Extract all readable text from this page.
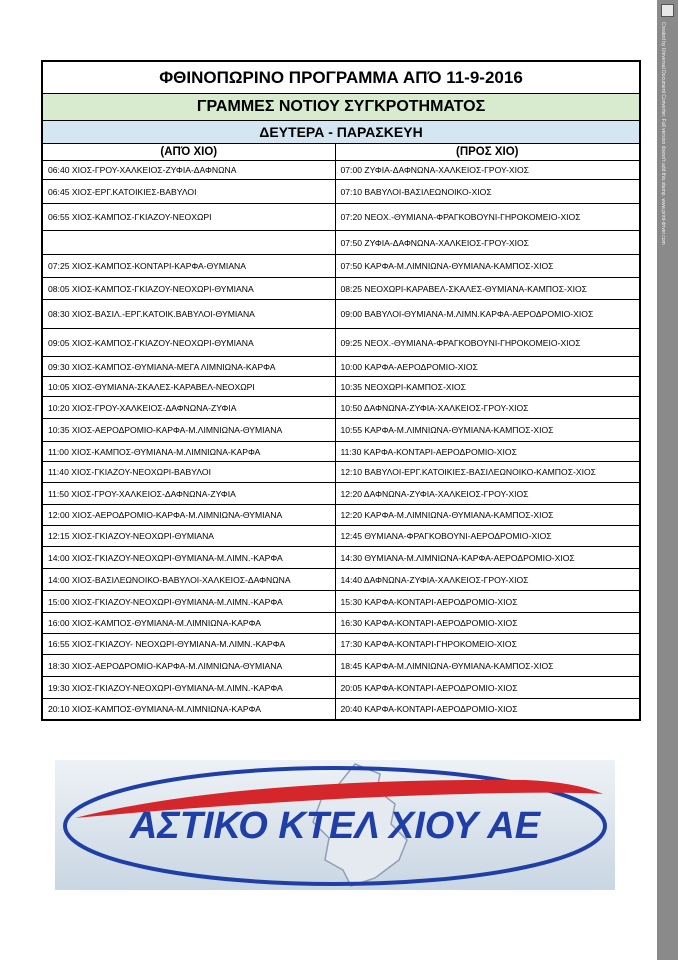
ΦΘΙΝΟΠΩΡΙΝΟ ΠΡΟΓΡΑΜΜΑ ΑΠΌ 11-9-2016	
ΓΡΑΜΜΕΣ ΝΟΤΙΟΥ ΣΥΓΚΡΟΤΗΜΑΤΟΣ	
ΔΕΥΤΕΡΑ - ΠΑΡΑΣΚΕΥΗ	
(ΑΠΌ ΧΙΟ)	(ΠΡΟΣ ΧΙΟ)
06:40 ΧΙΟΣ-ΓΡΟΥ-ΧΑΛΚΕΙΟΣ-ΖΥΦΙΑ-ΔΑΦΝΩΝΑ	07:00 ΖΥΦΙΑ-ΔΑΦΝΩΝΑ-ΧΑΛΚΕΙΟΣ-ΓΡΟΥ-ΧΙΟΣ
06:45 ΧΙΟΣ-ΕΡΓ.ΚΑΤΟΙΚΙΕΣ-ΒΑΒΥΛΟΙ	07:10 ΒΑΒΥΛΟΙ-ΒΑΣΙΛΕΩΝΟΙΚΟ-ΧΙΟΣ
06:55 ΧΙΟΣ-ΚΑΜΠΟΣ-ΓΚΙΑΖΟΥ-ΝΕΟΧΩΡΙ	07:20 ΝΕΟΧ.-ΘΥΜΙΑΝΑ-ΦΡΑΓΚΟΒΟΥΝΙ-ΓΗΡΟΚΟΜΕΙΟ-ΧΙΟΣ
	07:50 ΖΥΦΙΑ-ΔΑΦΝΩΝΑ-ΧΑΛΚΕΙΟΣ-ΓΡΟΥ-ΧΙΟΣ
07:25 ΧΙΟΣ-ΚΑΜΠΟΣ-ΚΟΝΤΑΡΙ-ΚΑΡΦΑ-ΘΥΜΙΑΝΑ	07:50 ΚΑΡΦΑ-Μ.ΛΙΜΝΙΩΝΑ-ΘΥΜΙΑΝΑ-ΚΑΜΠΟΣ-ΧΙΟΣ
08:05 ΧΙΟΣ-ΚΑΜΠΟΣ-ΓΚΙΑΖΟΥ-ΝΕΟΧΩΡΙ-ΘΥΜΙΑΝΑ	08:25 ΝΕΟΧΩΡΙ-ΚΑΡΑΒΕΛ-ΣΚΑΛΕΣ-ΘΥΜΙΑΝΑ-ΚΑΜΠΟΣ-ΧΙΟΣ
08:30 ΧΙΟΣ-ΒΑΣΙΛ.-ΕΡΓ.ΚΑΤΟΙΚ.ΒΑΒΥΛΟΙ-ΘΥΜΙΑΝΑ	09:00 ΒΑΒΥΛΟΙ-ΘΥΜΙΑΝΑ-Μ.ΛΙΜΝ.ΚΑΡΦΑ-ΑΕΡΟΔΡΟΜΙΟ-ΧΙΟΣ
09:05 ΧΙΟΣ-ΚΑΜΠΟΣ-ΓΚΙΑΖΟΥ-ΝΕΟΧΩΡΙ-ΘΥΜΙΑΝΑ	09:25 ΝΕΟΧ.-ΘΥΜΙΑΝΑ-ΦΡΑΓΚΟΒΟΥΝΙ-ΓΗΡΟΚΟΜΕΙΟ-ΧΙΟΣ
09:30 ΧΙΟΣ-ΚΑΜΠΟΣ-ΘΥΜΙΑΝΑ-ΜΕΓΑ ΛΙΜΝΙΩΝΑ-ΚΑΡΦΑ	10:00 ΚΑΡΦΑ-ΑΕΡΟΔΡΟΜΙΟ-ΧΙΟΣ
10:05 ΧΙΟΣ-ΘΥΜΙΑΝΑ-ΣΚΑΛΕΣ-ΚΑΡΑΒΕΛ-ΝΕΟΧΩΡΙ	10:35 ΝΕΟΧΩΡΙ-ΚΑΜΠΟΣ-ΧΙΟΣ
10:20 ΧΙΟΣ-ΓΡΟΥ-ΧΑΛΚΕΙΟΣ-ΔΑΦΝΩΝΑ-ΖΥΦΙΑ	10:50 ΔΑΦΝΩΝΑ-ΖΥΦΙΑ-ΧΑΛΚΕΙΟΣ-ΓΡΟΥ-ΧΙΟΣ
10:35 ΧΙΟΣ-ΑΕΡΟΔΡΟΜΙΟ-ΚΑΡΦΑ-Μ.ΛΙΜΝΙΩΝΑ-ΘΥΜΙΑΝΑ	10:55 ΚΑΡΦΑ-Μ.ΛΙΜΝΙΩΝΑ-ΘΥΜΙΑΝΑ-ΚΑΜΠΟΣ-ΧΙΟΣ
11:00 ΧΙΟΣ-ΚΑΜΠΟΣ-ΘΥΜΙΑΝΑ-Μ.ΛΙΜΝΙΩΝΑ-ΚΑΡΦΑ	11:30 ΚΑΡΦΑ-ΚΟΝΤΑΡΙ-ΑΕΡΟΔΡΟΜΙΟ-ΧΙΟΣ
11:40 ΧΙΟΣ-ΓΚΙΑΖΟΥ-ΝΕΟΧΩΡΙ-ΒΑΒΥΛΟΙ	12:10 ΒΑΒΥΛΟΙ-ΕΡΓ.ΚΑΤΟΙΚΙΕΣ-ΒΑΣΙΛΕΩΝΟΙΚΟ-ΚΑΜΠΟΣ-ΧΙΟΣ
11:50 ΧΙΟΣ-ΓΡΟΥ-ΧΑΛΚΕΙΟΣ-ΔΑΦΝΩΝΑ-ΖΥΦΙΑ	12:20 ΔΑΦΝΩΝΑ-ΖΥΦΙΑ-ΧΑΛΚΕΙΟΣ-ΓΡΟΥ-ΧΙΟΣ
12:00 ΧΙΟΣ-ΑΕΡΟΔΡΟΜΙΟ-ΚΑΡΦΑ-Μ.ΛΙΜΝΙΩΝΑ-ΘΥΜΙΑΝΑ	12:20 ΚΑΡΦΑ-Μ.ΛΙΜΝΙΩΝΑ-ΘΥΜΙΑΝΑ-ΚΑΜΠΟΣ-ΧΙΟΣ
12:15 ΧΙΟΣ-ΓΚΙΑΖΟΥ-ΝΕΟΧΩΡΙ-ΘΥΜΙΑΝΑ	12:45 ΘΥΜΙΑΝΑ-ΦΡΑΓΚΟΒΟΥΝΙ-ΑΕΡΟΔΡΟΜΙΟ-ΧΙΟΣ
14:00 ΧΙΟΣ-ΓΚΙΑΖΟΥ-ΝΕΟΧΩΡΙ-ΘΥΜΙΑΝΑ-Μ.ΛΙΜΝ.-ΚΑΡΦΑ	14:30 ΘΥΜΙΑΝΑ-Μ.ΛΙΜΝΙΩΝΑ-ΚΑΡΦΑ-ΑΕΡΟΔΡΟΜΙΟ-ΧΙΟΣ
14:00 ΧΙΟΣ-ΒΑΣΙΛΕΩΝΟΙΚΟ-ΒΑΒΥΛΟΙ-ΧΑΛΚΕΙΟΣ-ΔΑΦΝΩΝΑ	14:40 ΔΑΦΝΩΝΑ-ΖΥΦΙΑ-ΧΑΛΚΕΙΟΣ-ΓΡΟΥ-ΧΙΟΣ
15:00 ΧΙΟΣ-ΓΚΙΑΖΟΥ-ΝΕΟΧΩΡΙ-ΘΥΜΙΑΝΑ-Μ.ΛΙΜΝ.-ΚΑΡΦΑ	15:30 ΚΑΡΦΑ-ΚΟΝΤΑΡΙ-ΑΕΡΟΔΡΟΜΙΟ-ΧΙΟΣ
16:00 ΧΙΟΣ-ΚΑΜΠΟΣ-ΘΥΜΙΑΝΑ-Μ.ΛΙΜΝΙΩΝΑ-ΚΑΡΦΑ	16:30 ΚΑΡΦΑ-ΚΟΝΤΑΡΙ-ΑΕΡΟΔΡΟΜΙΟ-ΧΙΟΣ
16:55 ΧΙΟΣ-ΓΚΙΑΖΟΥ- ΝΕΟΧΩΡΙ-ΘΥΜΙΑΝΑ-Μ.ΛΙΜΝ.-ΚΑΡΦΑ	17:30 ΚΑΡΦΑ-ΚΟΝΤΑΡΙ-ΓΗΡΟΚΟΜΕΙΟ-ΧΙΟΣ
18:30 ΧΙΟΣ-ΑΕΡΟΔΡΟΜΙΟ-ΚΑΡΦΑ-Μ.ΛΙΜΝΙΩΝΑ-ΘΥΜΙΑΝΑ	18:45 ΚΑΡΦΑ-Μ.ΛΙΜΝΙΩΝΑ-ΘΥΜΙΑΝΑ-ΚΑΜΠΟΣ-ΧΙΟΣ
19:30 ΧΙΟΣ-ΓΚΙΑΖΟΥ-ΝΕΟΧΩΡΙ-ΘΥΜΙΑΝΑ-Μ.ΛΙΜΝ.-ΚΑΡΦΑ	20:05 ΚΑΡΦΑ-ΚΟΝΤΑΡΙ-ΑΕΡΟΔΡΟΜΙΟ-ΧΙΟΣ
20:10 ΧΙΟΣ-ΚΑΜΠΟΣ-ΘΥΜΙΑΝΑ-Μ.ΛΙΜΝΙΩΝΑ-ΚΑΡΦΑ	20:40 ΚΑΡΦΑ-ΚΟΝΤΑΡΙ-ΑΕΡΟΔΡΟΜΙΟ-ΧΙΟΣ
ΑΣΤΙΚΟ ΚΤΕΛ ΧΙΟΥ ΑΕ
Created by Universal Document Converter. Full version doesn't add this stamp. www.print-driver.com
